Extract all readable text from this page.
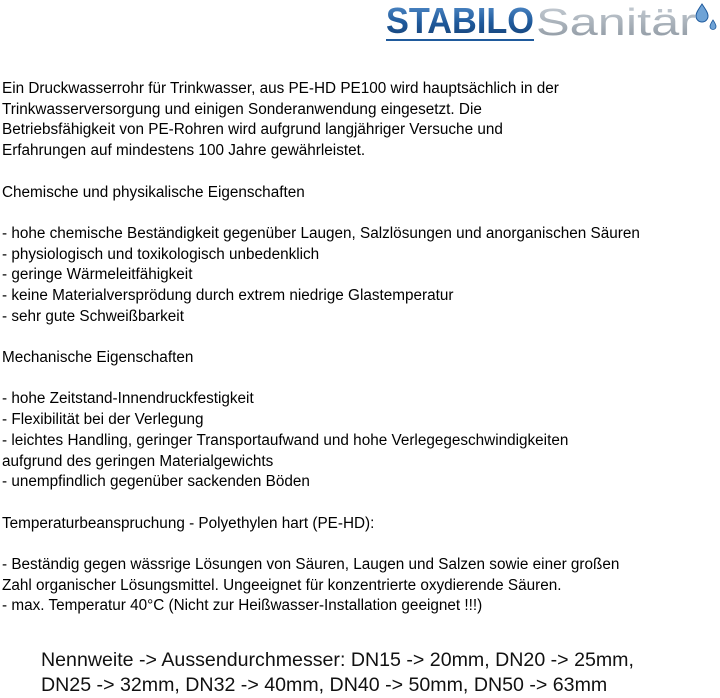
STABILO Sanitär

Ein Druckwasserrohr für Trinkwasser, aus PE-HD PE100 wird hauptsächlich in der

Trinkwasserversorgung und einigen Sonderanwendung eingesetzt. Die

Betriebsfähigkeit von PE-Rohren wird aufgrund langjähriger Versuche und

Erfahrungen auf mindestens 100 Jahre gewährleistet.

Chemische und physikalische Eigenschaften

- hohe chemische Beständigkeit gegenüber Laugen, Salzlösungen und anorganischen Säuren

- physiologisch und toxikologisch unbedenklich

- geringe Wärmeleitfähigkeit

- keine Materialversprödung durch extrem niedrige Glastemperatur

- sehr gute Schweißbarkeit

Mechanische Eigenschaften

- hohe Zeitstand-Innendruckfestigkeit

- Flexibilität bei der Verlegung

- leichtes Handling, geringer Transportaufwand und hohe Verlegegeschwindigkeiten

aufgrund des geringen Materialgewichts

- unempfindlich gegenüber sackenden Böden

Temperaturbeanspruchung - Polyethylen hart (PE-HD):

- Beständig gegen wässrige Lösungen von Säuren, Laugen und Salzen sowie einer großen

Zahl organischer Lösungsmittel. Ungeeignet für konzentrierte oxydierende Säuren.

- max. Temperatur 40°C (Nicht zur Heißwasser-Installation geeignet !!!)

Nennweite -> Aussendurchmesser: DN15 -> 20mm, DN20 -> 25mm,
DN25 -> 32mm, DN32 -> 40mm, DN40 -> 50mm, DN50 -> 63mm
